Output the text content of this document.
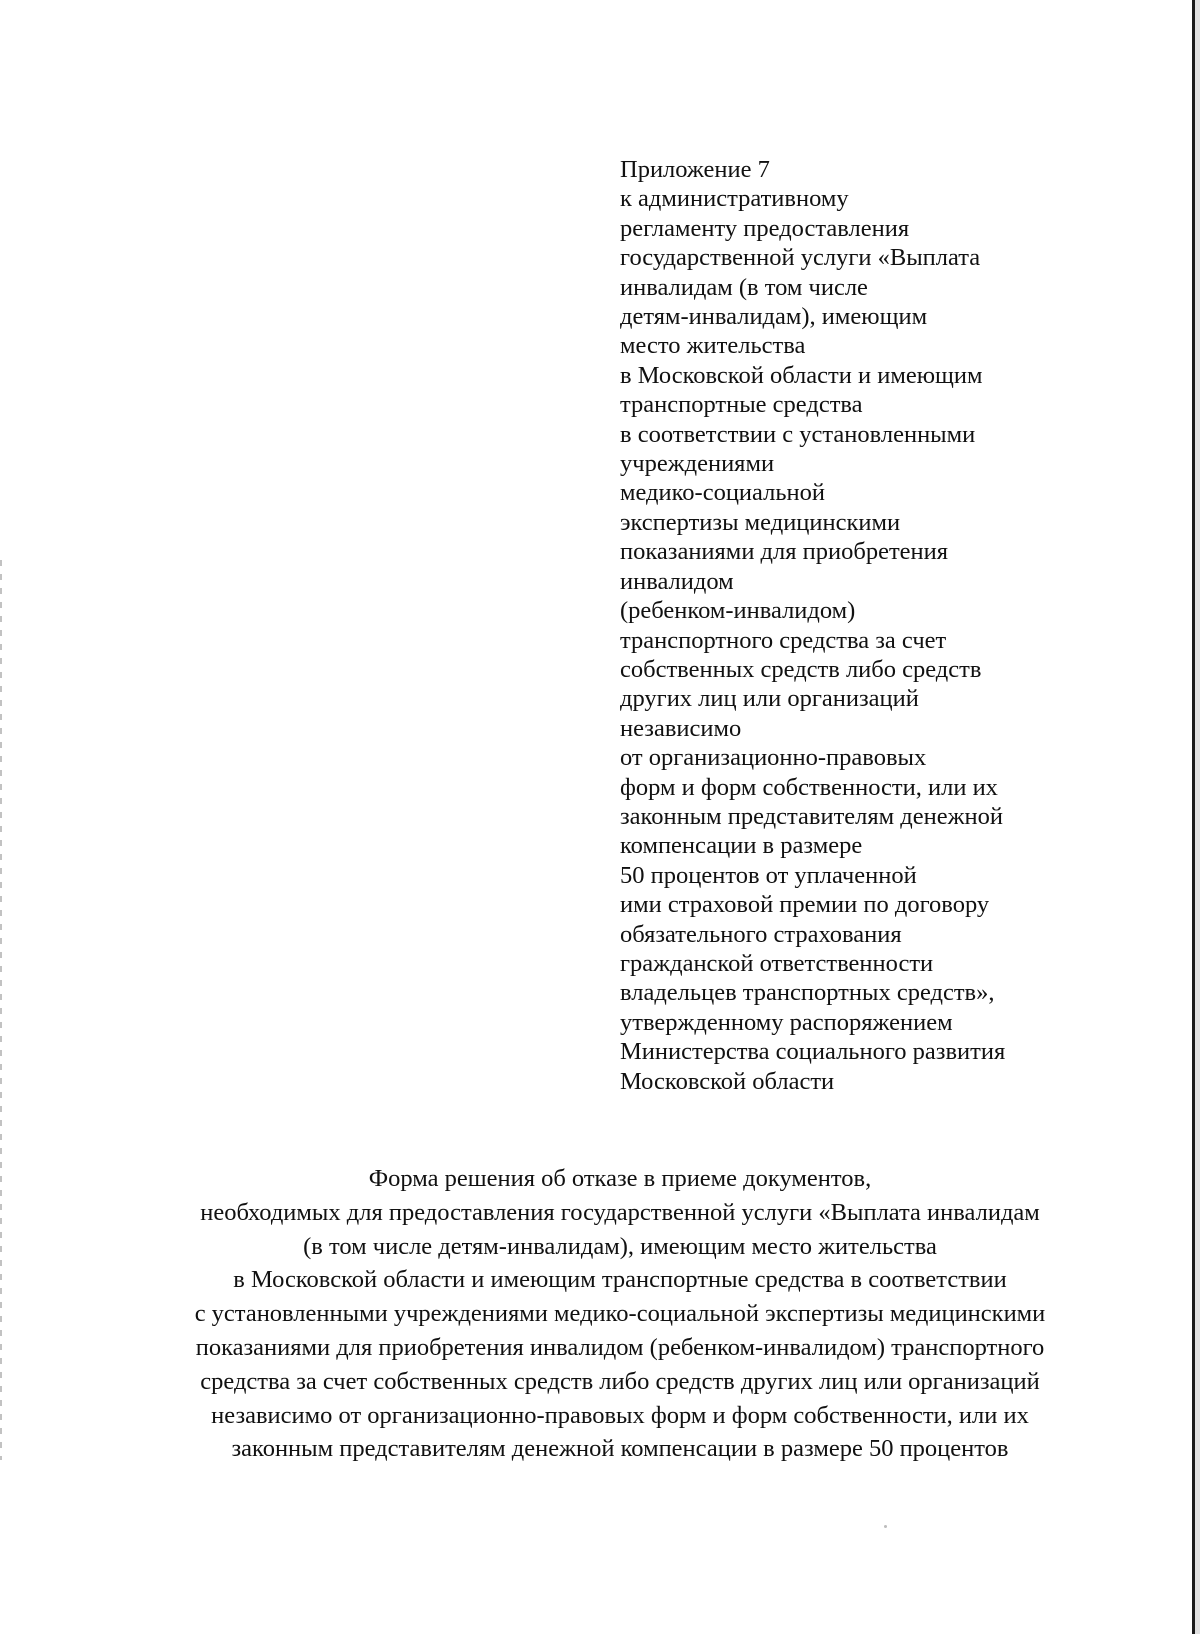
Приложение 7
к административному
регламенту предоставления
государственной услуги «Выплата
инвалидам (в том числе
детям-инвалидам), имеющим
место жительства
в Московской области и имеющим
транспортные средства
в соответствии с установленными
учреждениями
медико-социальной
экспертизы медицинскими
показаниями для приобретения
инвалидом
(ребенком-инвалидом)
транспортного средства за счет
собственных средств либо средств
других лиц или организаций
независимо
от организационно-правовых
форм и форм собственности, или их
законным представителям денежной
компенсации в размере
50 процентов от уплаченной
ими страховой премии по договору
обязательного страхования
гражданской ответственности
владельцев транспортных средств»,
утвержденному распоряжением
Министерства социального развития
Московской области
Форма решения об отказе в приеме документов,
необходимых для предоставления государственной услуги «Выплата инвалидам
(в том числе детям-инвалидам), имеющим место жительства
в Московской области и имеющим транспортные средства в соответствии
с установленными учреждениями медико-социальной экспертизы медицинскими
показаниями для приобретения инвалидом (ребенком-инвалидом) транспортного
средства за счет собственных средств либо средств других лиц или организаций
независимо от организационно-правовых форм и форм собственности, или их
законным представителям денежной компенсации в размере 50 процентов
